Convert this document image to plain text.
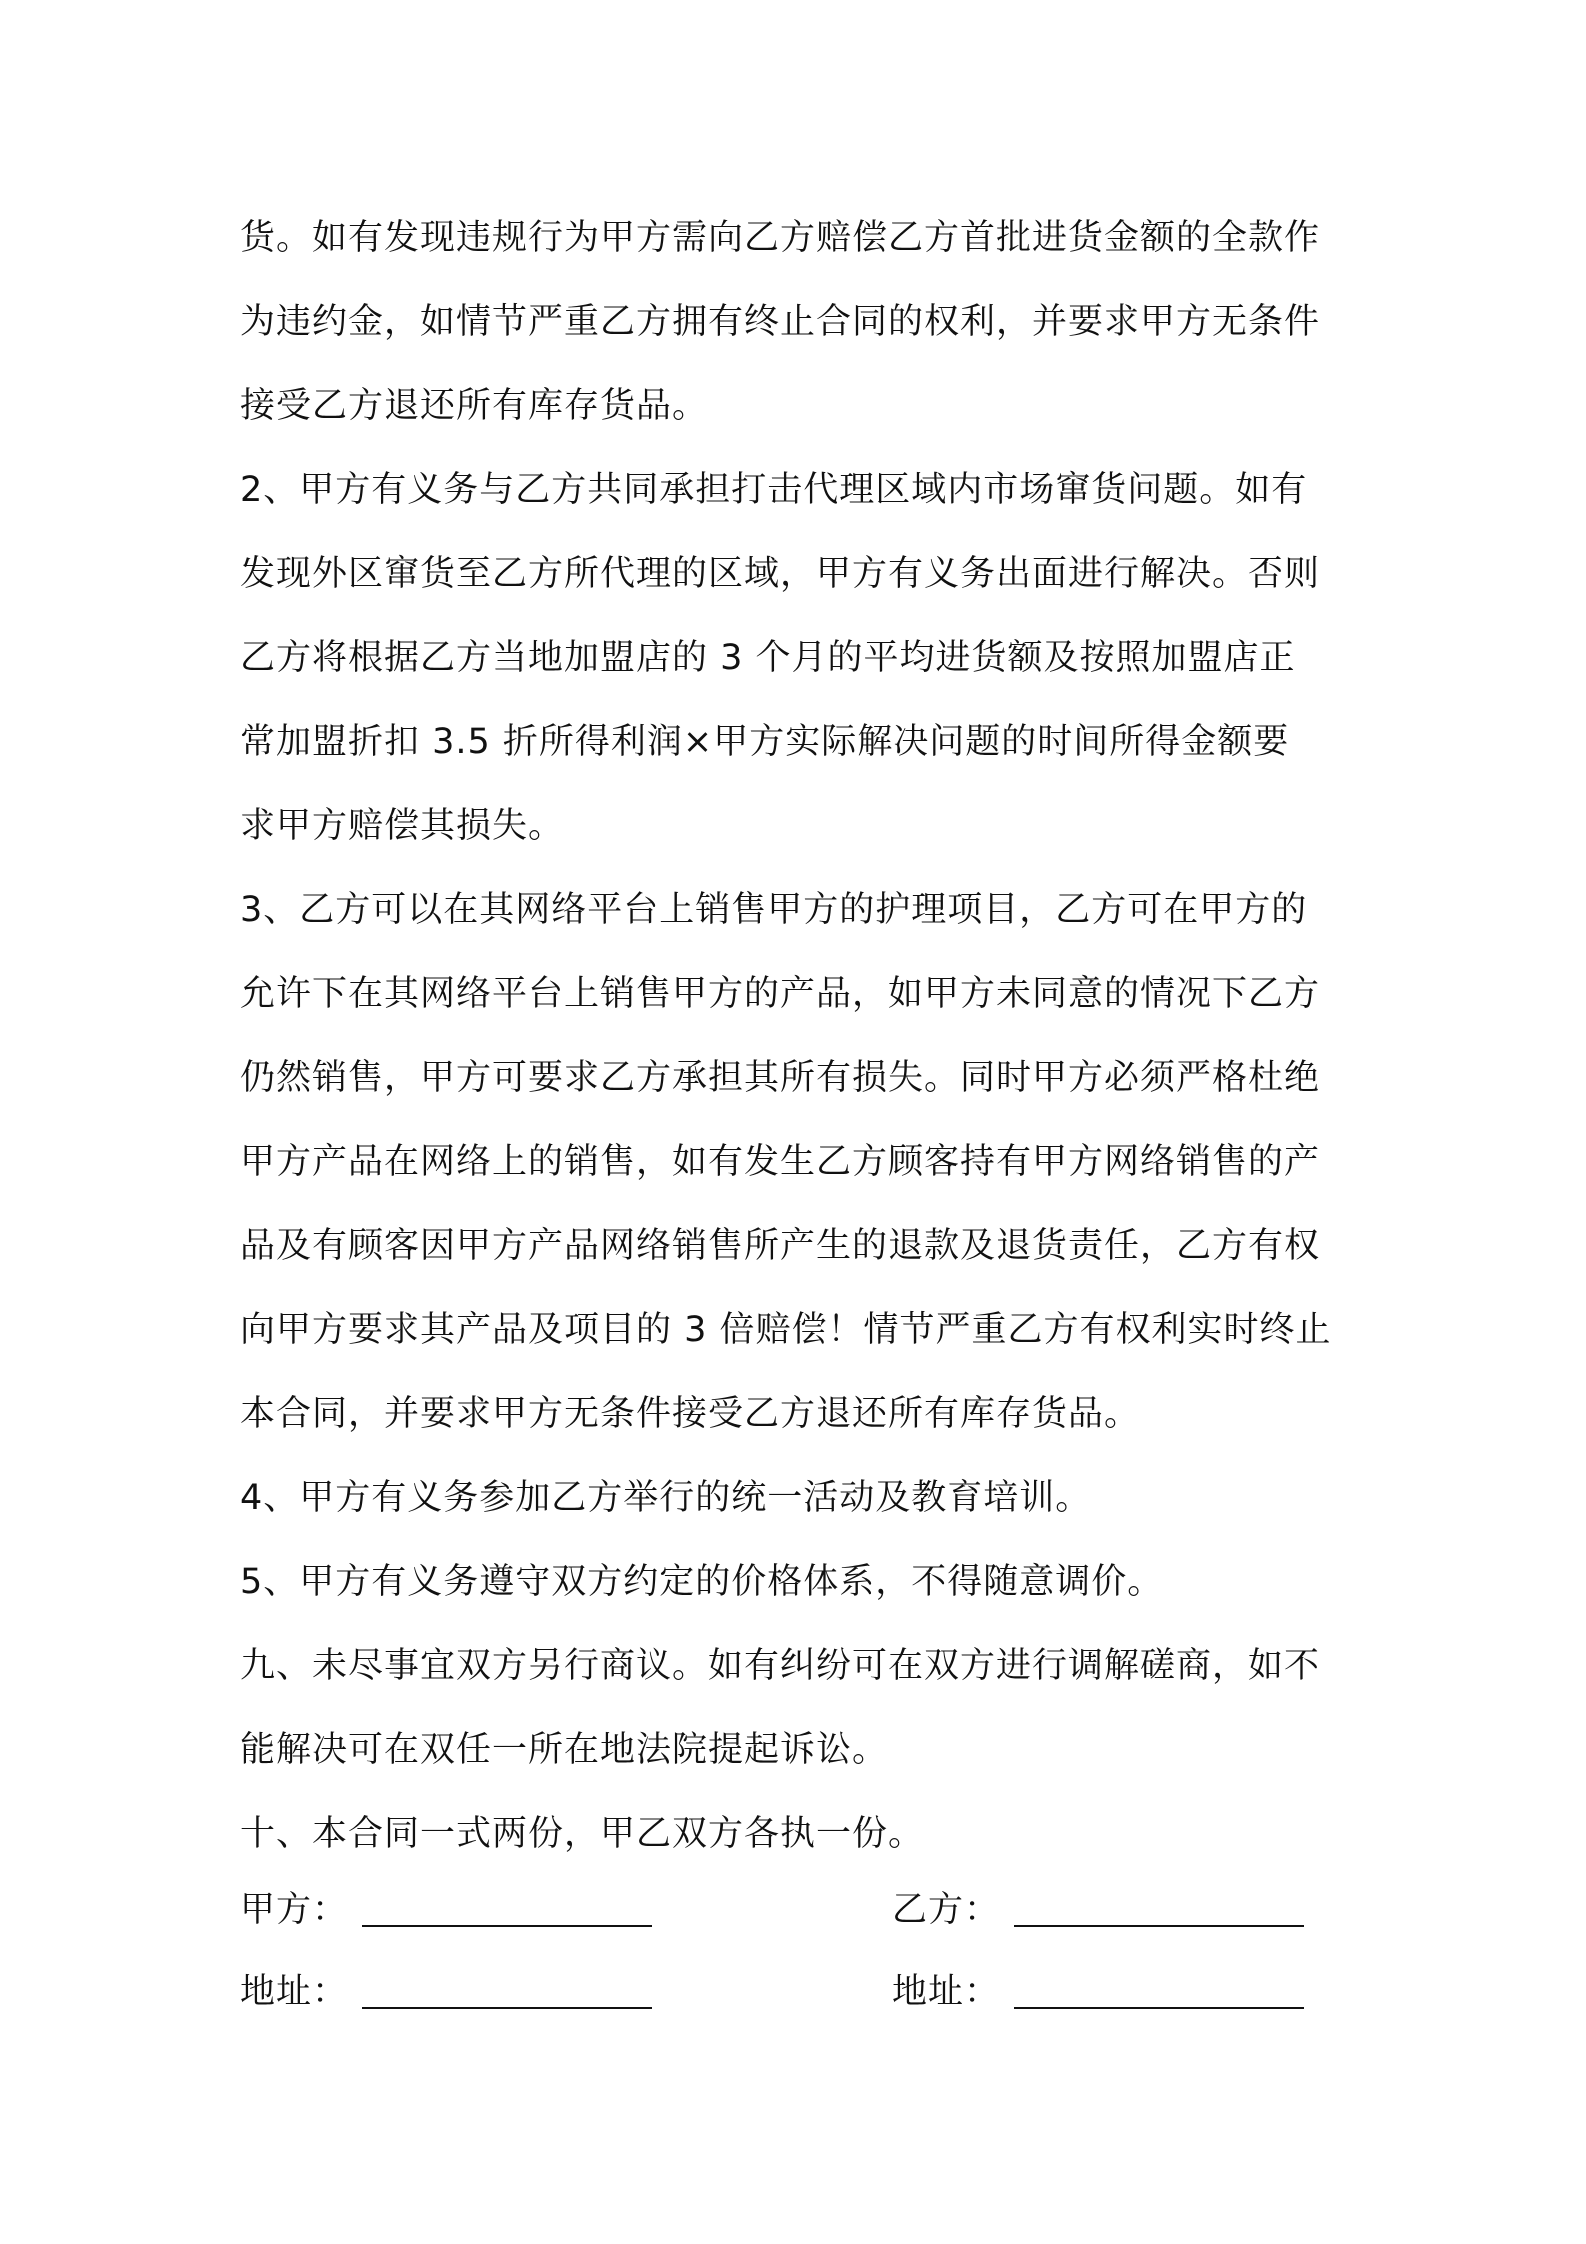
货。如有发现违规行为甲方需向乙方赔偿乙方首批进货金额的全款作
为违约金，如情节严重乙方拥有终止合同的权利，并要求甲方无条件
接受乙方退还所有库存货品。
2、甲方有义务与乙方共同承担打击代理区域内市场窜货问题。如有
发现外区窜货至乙方所代理的区域，甲方有义务出面进行解决。否则
乙方将根据乙方当地加盟店的 3 个月的平均进货额及按照加盟店正
常加盟折扣 3.5 折所得利润×甲方实际解决问题的时间所得金额要
求甲方赔偿其损失。
3、乙方可以在其网络平台上销售甲方的护理项目，乙方可在甲方的
允许下在其网络平台上销售甲方的产品，如甲方未同意的情况下乙方
仍然销售，甲方可要求乙方承担其所有损失。同时甲方必须严格杜绝
甲方产品在网络上的销售，如有发生乙方顾客持有甲方网络销售的产
品及有顾客因甲方产品网络销售所产生的退款及退货责任，乙方有权
向甲方要求其产品及项目的 3 倍赔偿！情节严重乙方有权利实时终止
本合同，并要求甲方无条件接受乙方退还所有库存货品。
4、甲方有义务参加乙方举行的统一活动及教育培训。
5、甲方有义务遵守双方约定的价格体系，不得随意调价。
九、未尽事宜双方另行商议。如有纠纷可在双方进行调解磋商，如不
能解决可在双任一所在地法院提起诉讼。
十、本合同一式两份，甲乙双方各执一份。
甲方：	乙方：
地址：	地址：
